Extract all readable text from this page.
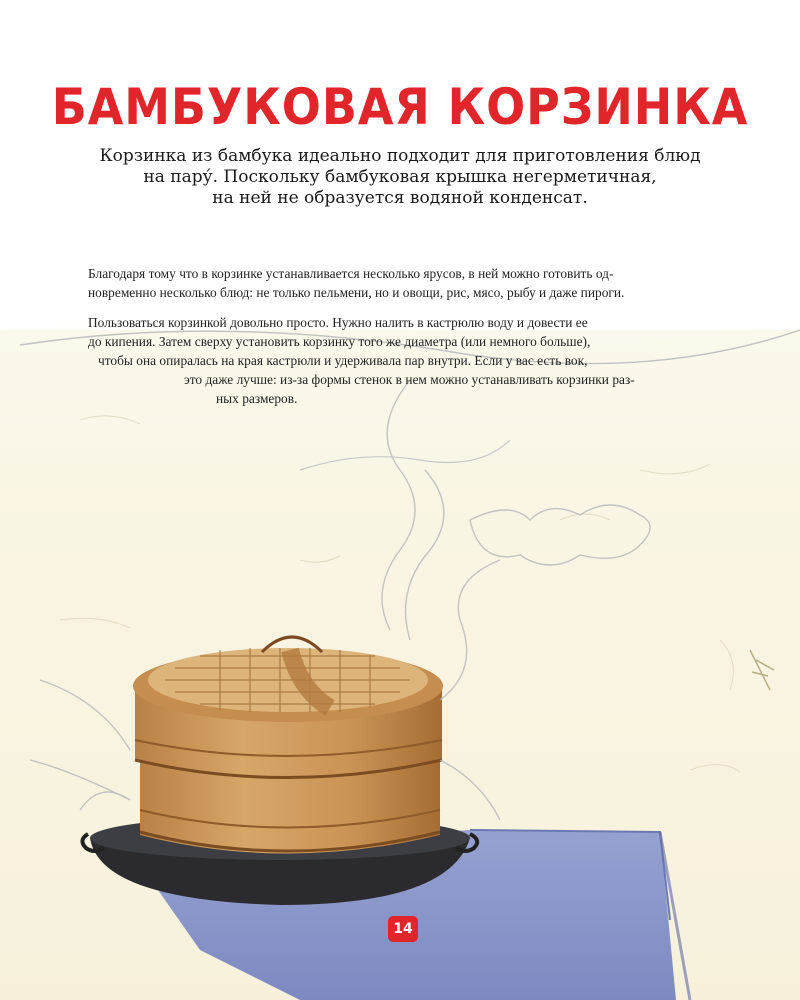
БАМБУКОВАЯ КОРЗИНКА
Корзинка из бамбука идеально подходит для приготовления блюд
на пару́. Поскольку бамбуковая крышка негерметичная,
на ней не образуется водяной конденсат.
Благодаря тому что в корзинке устанавливается несколько ярусов, в ней можно готовить од-
новременно несколько блюд: не только пельмени, но и овощи, рис, мясо, рыбу и даже пироги.
Пользоваться корзинкой довольно просто. Нужно налить в кастрюлю воду и довести ее
до кипения. Затем сверху установить корзинку того же диаметра (или немного больше),
чтобы она опиралась на края кастрюли и удерживала пар внутри. Если у вас есть вок,
это даже лучше: из-за формы стенок в нем можно устанавливать корзинки раз-
ных размеров.
14
